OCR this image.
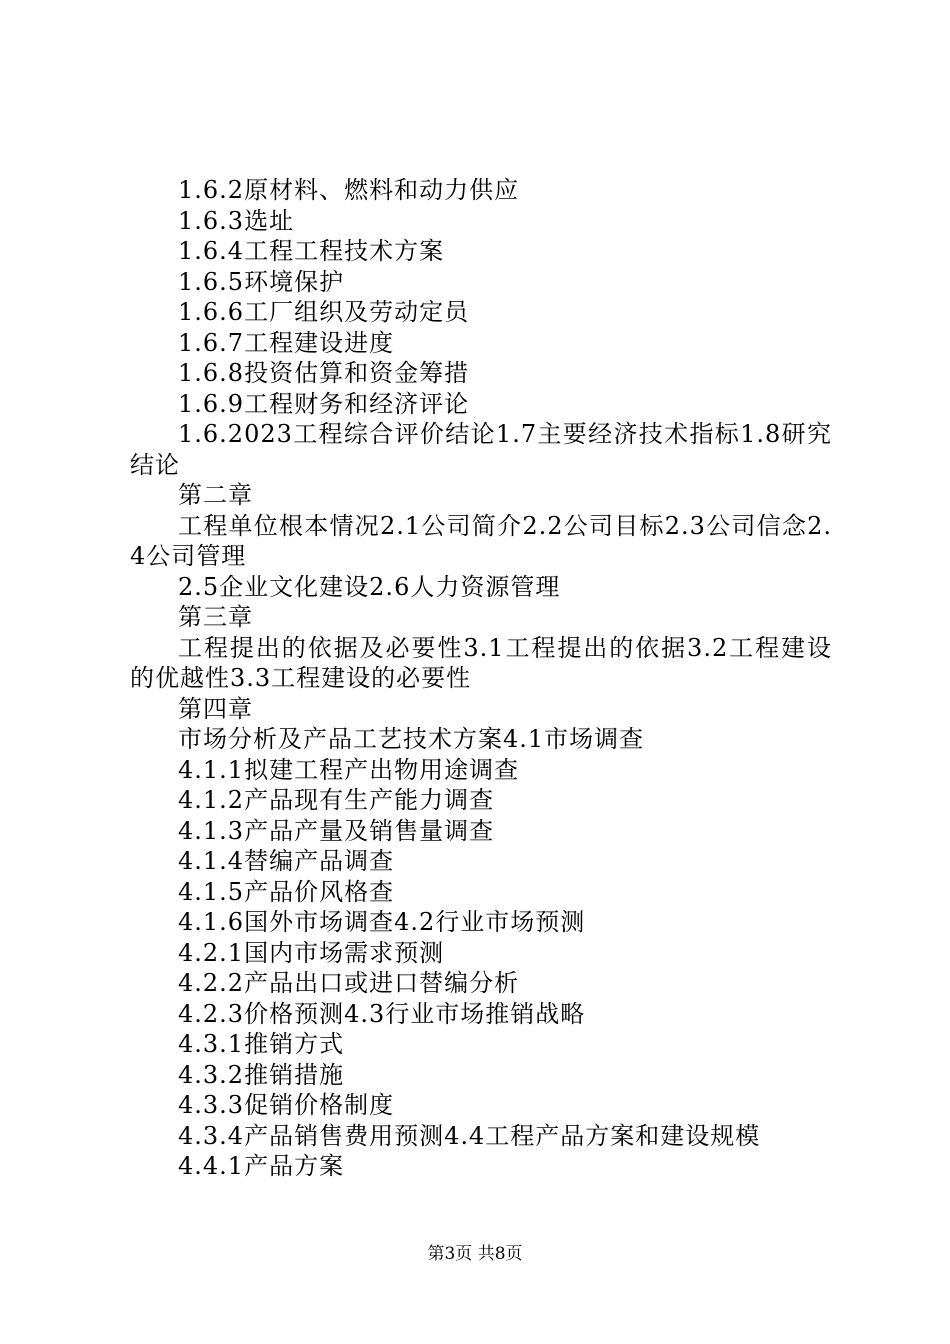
1.6.2原材料、燃料和动力供应

1.6.3选址

1.6.4工程工程技术方案

1.6.5环境保护

1.6.6工厂组织及劳动定员

1.6.7工程建设进度

1.6.8投资估算和资金筹措

1.6.9工程财务和经济评论

1.6.2023工程综合评价结论1.7主要经济技术指标1.8研究结论

第二章

工程单位根本情况2.1公司简介2.2公司目标2.3公司信念2.4公司管理

2.5企业文化建设2.6人力资源管理

第三章

工程提出的依据及必要性3.1工程提出的依据3.2工程建设的优越性3.3工程建设的必要性

第四章

市场分析及产品工艺技术方案4.1市场调查

4.1.1拟建工程产出物用途调查

4.1.2产品现有生产能力调查

4.1.3产品产量及销售量调查

4.1.4替编产品调查

4.1.5产品价风格查

4.1.6国外市场调查4.2行业市场预测

4.2.1国内市场需求预测

4.2.2产品出口或进口替编分析

4.2.3价格预测4.3行业市场推销战略

4.3.1推销方式

4.3.2推销措施

4.3.3促销价格制度

4.3.4产品销售费用预测4.4工程产品方案和建设规模

4.4.1产品方案

第3页 共8页
